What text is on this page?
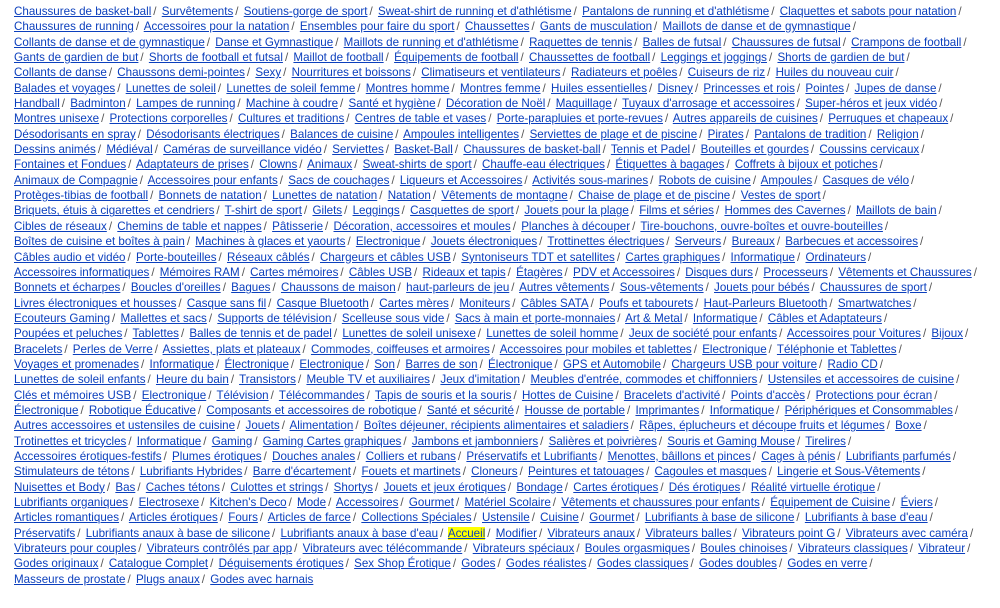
Chaussures de basket-ball / Survêtements / Soutiens-gorge de sport / Sweat-shirt de running et d'athlétisme / Pantalons de running et d'athlétisme / Claquettes et sabots pour natation / Chaussures de running / Accessoires pour la natation / Ensembles pour faire du sport / Chaussettes / Gants de musculation / Maillots de danse et de gymnastique / Collants de danse et de gymnastique / Danse et Gymnastique / Maillots de running et d'athlétisme / Raquettes de tennis / Balles de futsal / Chaussures de futsal / Crampons de football / Gants de gardien de but / Shorts de football et futsal / Maillot de football / Équipements de football / Chaussettes de football / Leggings et joggings / Shorts de gardien de but / Collants de danse / Chaussons demi-pointes / Sexy / Nourritures et boissons / Climatiseurs et ventilateurs / Radiateurs et poêles / Cuiseurs de riz / Huiles du nouveau cuir / Balades et voyages / Lunettes de soleil / Lunettes de soleil femme / Montres homme / Montres femme / Huiles essentielles / Disney / Princesses et rois / Pointes / Jupes de danse / Handball / Badminton / Lampes de running / Machine à coudre / Santé et hygiène / Décoration de Noël / Maquillage / Tuyaux d'arrosage et accessoires / Super-héros et jeux vidéo / Montres unisexe / Protections corporelles / Cultures et traditions / Centres de table et vases / Porte-parapluies et porte-revues / Autres appareils de cuisines / Perruques et chapeaux / Désodorisants en spray / Désodorisants électriques / Balances de cuisine / Ampoules intelligentes / Serviettes de plage et de piscine / Pirates / Pantalons de tradition / Religion / Dessins animés / Médiéval / Caméras de surveillance vidéo / Serviettes / Basket-Ball / Chaussures de basket-ball / Tennis et Padel / Bouteilles et gourdes / Coussins cervicaux / Fontaines et Fondues / Adaptateurs de prises / Clowns / Animaux / Sweat-shirts de sport / Chauffe-eau électriques / Étiquettes à bagages / Coffrets à bijoux et potiches / Animaux de Compagnie / Accessoires pour enfants / Sacs de couchages / Liqueurs et Accessoires / Activités sous-marines / Robots de cuisine / Ampoules / Casques de vélo / Protèges-tibias de football / Bonnets de natation / Lunettes de natation / Natation / Vêtements de montagne / Chaise de plage et de piscine / Vestes de sport / Briquets, étuis à cigarettes et cendriers / T-shirt de sport / Gilets / Leggings / Casquettes de sport / Jouets pour la plage / Films et séries / Hommes des Cavernes / Maillots de bain / Cibles de réseaux / Chemins de table et nappes / Pâtisserie / Décoration, accessoires et moules / Planches à découper / Tire-bouchons, ouvre-boîtes et ouvre-bouteilles / Boîtes de cuisine et boîtes à pain / Machines à glaces et yaourts / Electronique / Jouets électroniques / Trottinettes électriques / Serveurs / Bureaux / Barbecues et accessoires / Câbles audio et vidéo / Porte-bouteilles / Réseaux câblés / Chargeurs et câbles USB / Syntoniseurs TDT et satellites / Cartes graphiques / Informatique / Ordinateurs / Accessoires informatiques / Mémoires RAM / Cartes mémoires / Câbles USB / Rideaux et tapis / Étagères / PDV et Accessoires / Disques durs / Processeurs / Vêtements et Chaussures / Bonnets et écharpes / Boucles d'oreilles / Bagues / Chaussons de maison / haut-parleurs de jeu / Autres vêtements / Sous-vêtements / Jouets pour bébés / Chaussures de sport / Livres électroniques et housses / Casque sans fil / Casque Bluetooth / Cartes mères / Moniteurs / Câbles SATA / Poufs et tabourets / Haut-Parleurs Bluetooth / Smartwatches / Ecouteurs Gaming / Mallettes et sacs / Supports de télévision / Scelleuse sous vide / Sacs à main et porte-monnaies / Art & Metal / Informatique / Câbles et Adaptateurs / Poupées et peluches / Tablettes / Balles de tennis et de padel / Lunettes de soleil unisexe / Lunettes de soleil homme / Jeux de société pour enfants / Accessoires pour Voitures / Bijoux / Bracelets / Perles de Verre / Assiettes, plats et plateaux / Commodes, coiffeuses et armoires / Accessoires pour mobiles et tablettes / Electronique / Téléphonie et Tablettes / Voyages et promenades / Informatique / Électronique / Electronique / Son / Barres de son / Électronique / GPS et Automobile / Chargeurs USB pour voiture / Radio CD / Lunettes de soleil enfants / Heure du bain / Transistors / Meuble TV et auxiliaires / Jeux d'imitation / Meubles d'entrée, commodes et chiffonniers / Ustensiles et accessoires de cuisine / Clés et mémoires USB / Electronique / Télévision / Télécommandes / Tapis de souris et la souris / Hottes de Cuisine / Bracelets d'activité / Points d'accès / Protections pour écran / Électronique / Robotique Éducative / Composants et accessoires de robotique / Santé et sécurité / Housse de portable / Imprimantes / Informatique / Périphériques et Consommables / Autres accessoires et ustensiles de cuisine / Jouets / Alimentation / Boîtes déjeuner, récipients alimentaires et saladiers / Râpes, éplucheurs et découpe fruits et légumes / Boxe / Trotinettes et tricycles / Informatique / Gaming / Gaming Cartes graphiques / Jambons et jambonniers / Salières et poivrières / Souris et Gaming Mouse / Tirelires / Accessoires érotiques-festifs / Plumes érotiques / Douches anales / Colliers et rubans / Préservatifs et Lubrifiants / Menottes, bâillons et pinces / Cages à pénis / Lubrifiants parfumés / Stimulateurs de tétons / Lubrifiants Hybrides / Barre d'écartement / Fouets et martinets / Cloneurs / Peintures et tatouages / Cagoules et masques / Lingerie et Sous-Vêtements / Nuisettes et Body / Bas / Caches tétons / Culottes et strings / Shortys / Jouets et jeux érotiques / Bondage / Cartes érotiques / Dés érotiques / Réalité virtuelle érotique / Lubrifiants organiques / Electrosexe / Kitchen's Deco / Mode / Accessoires / Gourmet / Matériel Scolaire / Vêtements et chaussures pour enfants / Équipement de Cuisine / Éviers / Articles romantiques / Articles érotiques / Fours / Articles de farce / Collections Spéciales / Ustensile / Cuisine / Gourmet / Lubrifiants à base de silicone / Lubrifiants à base d'eau / Préservatifs / Lubrifiants anaux à base de silicone / Lubrifiants anaux à base d'eau / Accueil / Modifier / Vibrateurs anaux / Vibrateurs balles / Vibrateurs point G / Vibrateurs avec caméra / Vibrateurs pour couples / Vibrateurs contrôlés par app / Vibrateurs avec télécommande / Vibrateurs spéciaux / Boules orgasmiques / Boules chinoises / Vibrateurs classiques / Vibrateur / Godes originaux / Catalogue Complet / Déguisements érotiques / Sex Shop Érotique / Godes / Godes réalistes / Godes classiques / Godes doubles / Godes en verre / Masseurs de prostate / Plugs anaux / Godes avec harnais
